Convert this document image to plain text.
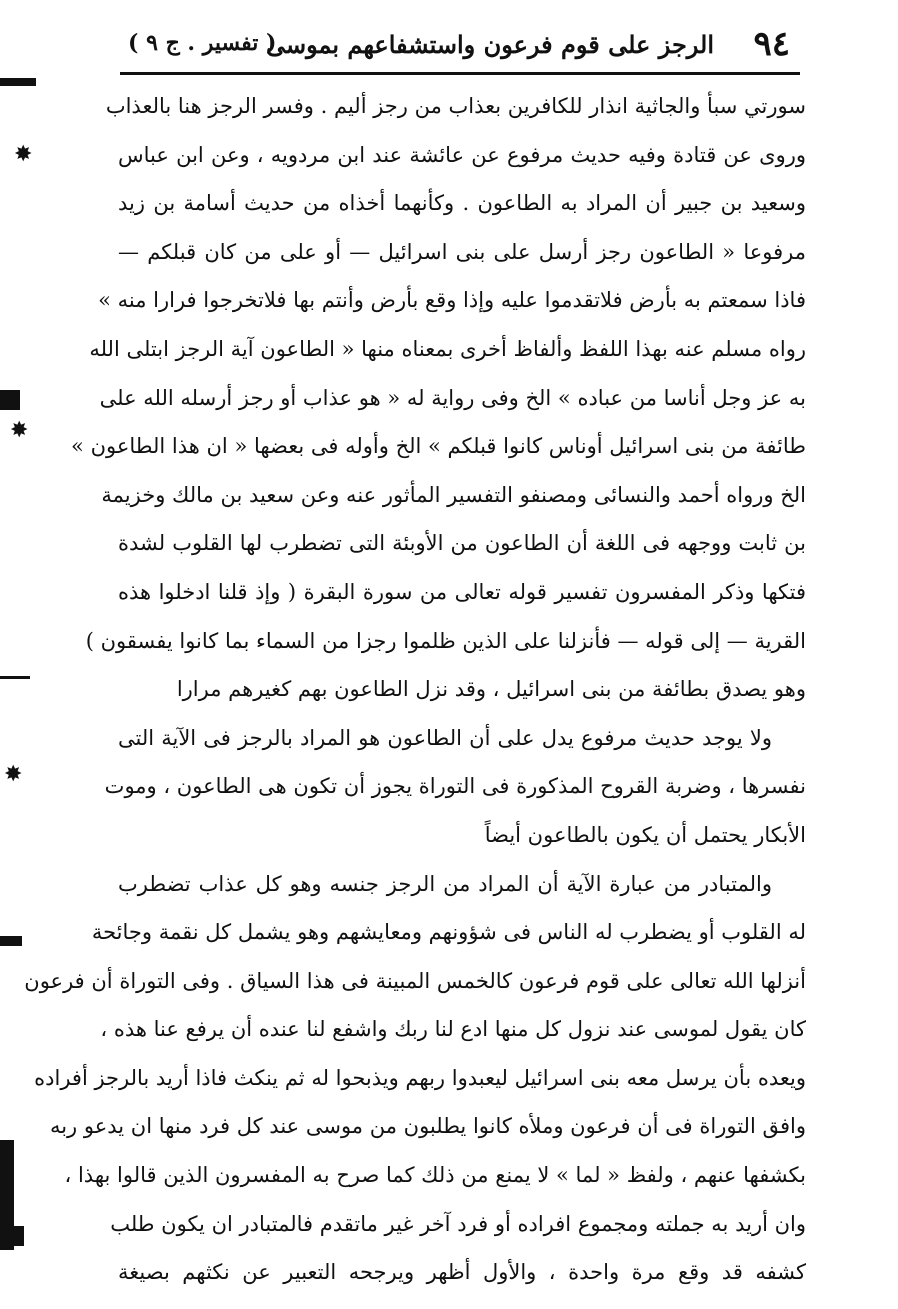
٩٤
الرجز على قوم فرعون واستشفاعهم بموسى
( تفسير . ج ٩ )
سورتي سبأ والجاثية انذار للكافرين بعذاب من رجز أليم . وفسر الرجز هنا بالعذاب
وروى عن قتادة وفيه حديث مرفوع عن عائشة عند ابن مردويه ، وعن ابن عباس
وسعيد بن جبير أن المراد به الطاعون . وكأنهما أخذاه من حديث أسامة بن زيد
مرفوعا « الطاعون رجز أرسل على بنى اسرائيل — أو على من كان قبلكم —
فاذا سمعتم به بأرض فلاتقدموا عليه وإذا وقع بأرض وأنتم بها فلاتخرجوا فرارا منه »
رواه مسلم عنه بهذا اللفظ وألفاظ أخرى بمعناه منها « الطاعون آية الرجز ابتلى الله
به عز وجل أناسا من عباده » الخ وفى رواية له « هو عذاب أو رجز أرسله الله على
طائفة من بنى اسرائيل أوناس كانوا قبلكم » الخ وأوله فى بعضها « ان هذا الطاعون »
الخ ورواه أحمد والنسائى ومصنفو التفسير المأثور عنه وعن سعيد بن مالك وخزيمة
بن ثابت ووجهه فى اللغة أن الطاعون من الأوبئة التى تضطرب لها القلوب لشدة
فتكها وذكر المفسرون تفسير قوله تعالى من سورة البقرة ( وإذ قلنا ادخلوا هذه
القرية — إلى قوله — فأنزلنا على الذين ظلموا رجزا من السماء بما كانوا يفسقون )
وهو يصدق بطائفة من بنى اسرائيل ، وقد نزل الطاعون بهم كغيرهم مرارا
ولا يوجد حديث مرفوع يدل على أن الطاعون هو المراد بالرجز فى الآية التى
نفسرها ، وضربة القروح المذكورة فى التوراة يجوز أن تكون هى الطاعون ، وموت
الأبكار يحتمل أن يكون بالطاعون أيضاً
والمتبادر من عبارة الآية أن المراد من الرجز جنسه وهو كل عذاب تضطرب
له القلوب أو يضطرب له الناس فى شؤونهم ومعايشهم وهو يشمل كل نقمة وجائحة
أنزلها الله تعالى على قوم فرعون كالخمس المبينة فى هذا السياق . وفى التوراة أن فرعون
كان يقول لموسى عند نزول كل منها ادع لنا ربك واشفع لنا عنده أن يرفع عنا هذه ،
ويعده بأن يرسل معه بنى اسرائيل ليعبدوا ربهم ويذبحوا له ثم ينكث فاذا أريد بالرجز أفراده
وافق التوراة فى أن فرعون وملأه كانوا يطلبون من موسى عند كل فرد منها ان يدعو ربه
بكشفها عنهم ، ولفظ « لما » لا يمنع من ذلك كما صرح به المفسرون الذين قالوا بهذا ،
وان أريد به جملته ومجموع افراده أو فرد آخر غير ماتقدم فالمتبادر ان يكون طلب
كشفه قد وقع مرة واحدة ، والأول أظهر ويرجحه التعبير عن نكثهم بصيغة
✸
✸
✸
